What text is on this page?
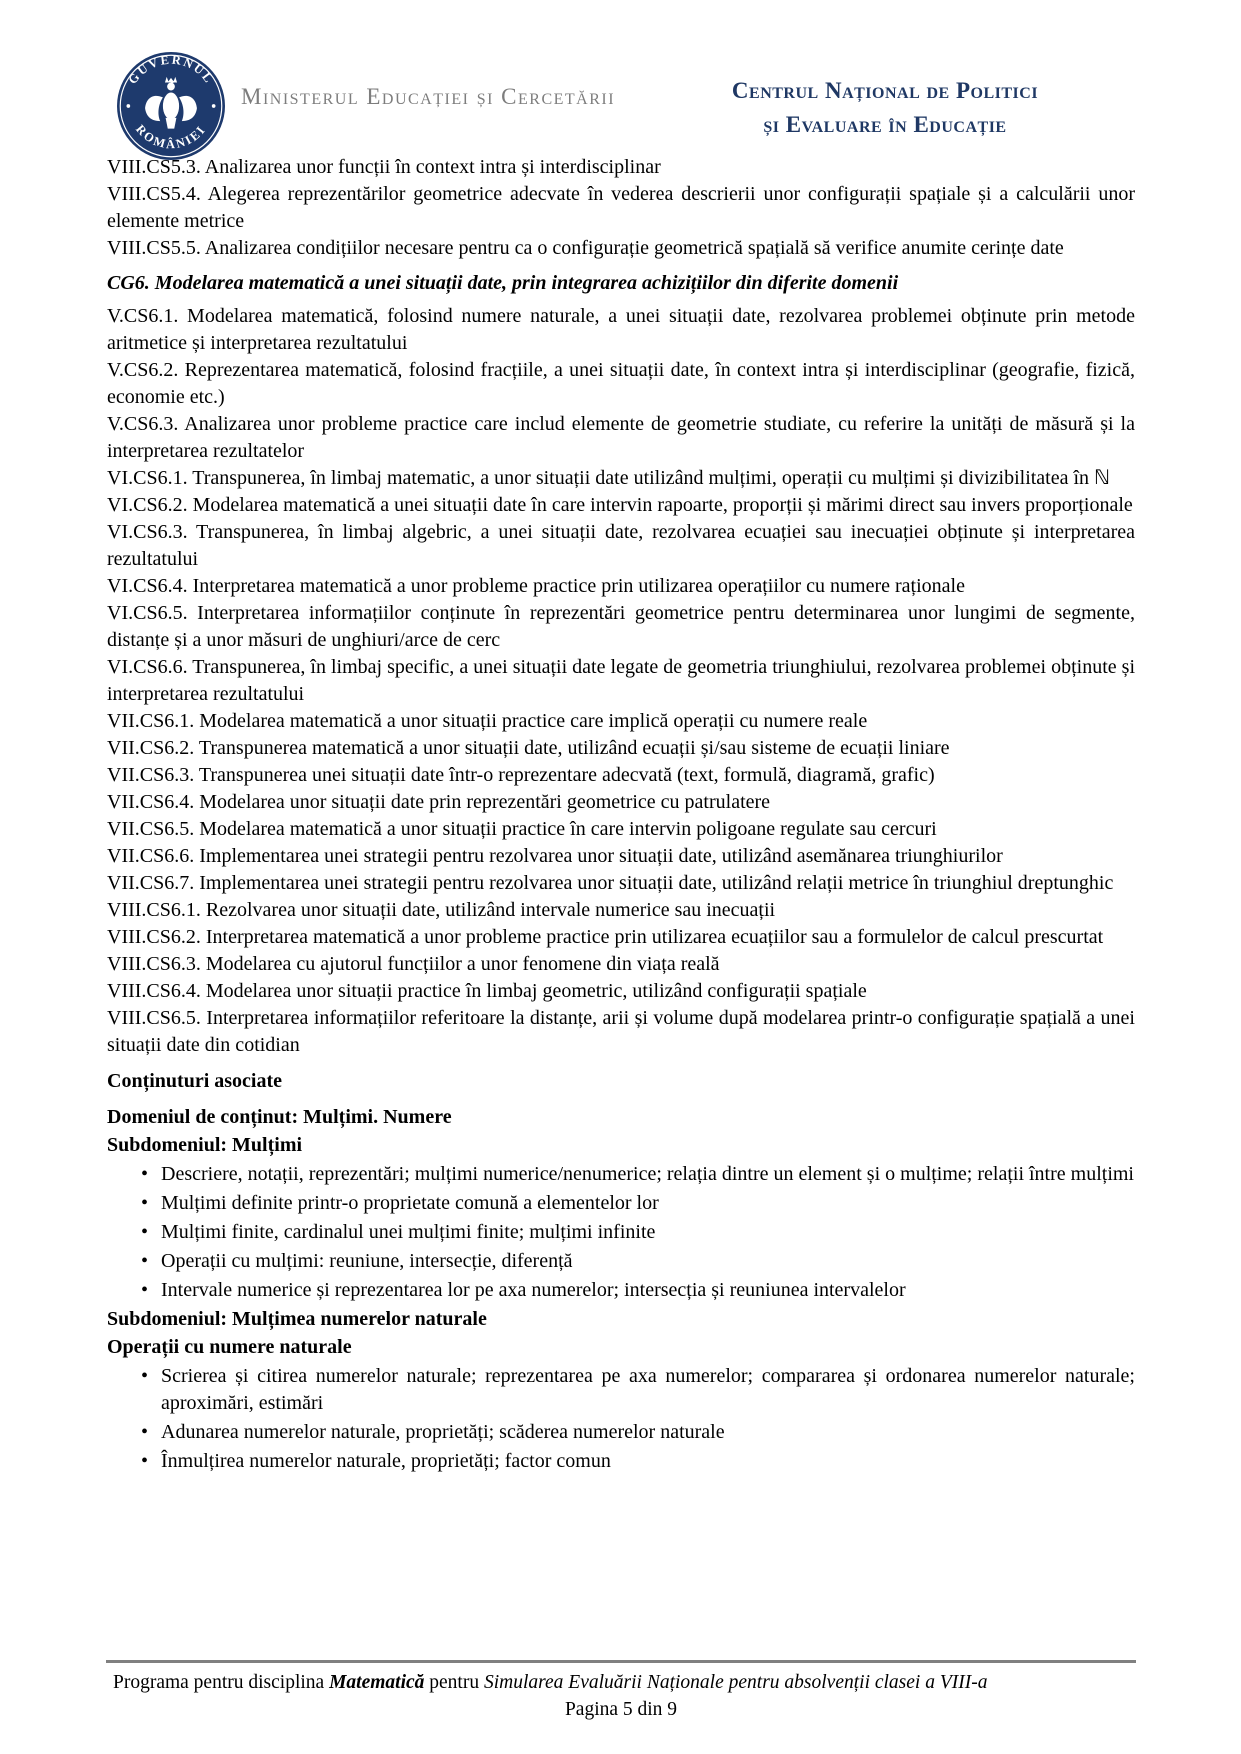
GUVERNUL
ROMÂNIEI
Ministerul Educației și Cercetării	Centrul Național de Politici
și Evaluare în Educație

VIII.CS5.3. Analizarea unor funcții în context intra și interdisciplinar

VIII.CS5.4. Alegerea reprezentărilor geometrice adecvate în vederea descrierii unor configurații spațiale și a calculării unor elemente metrice

VIII.CS5.5. Analizarea condițiilor necesare pentru ca o configurație geometrică spațială să verifice anumite cerințe date

CG6. Modelarea matematică a unei situații date, prin integrarea achizițiilor din diferite domenii

V.CS6.1. Modelarea matematică, folosind numere naturale, a unei situații date, rezolvarea problemei obținute prin metode aritmetice și interpretarea rezultatului

V.CS6.2. Reprezentarea matematică, folosind fracțiile, a unei situații date, în context intra și interdisciplinar (geografie, fizică, economie etc.)

V.CS6.3. Analizarea unor probleme practice care includ elemente de geometrie studiate, cu referire la unități de măsură și la interpretarea rezultatelor

VI.CS6.1. Transpunerea, în limbaj matematic, a unor situații date utilizând mulțimi, operații cu mulțimi și divizibilitatea în ℕ

VI.CS6.2. Modelarea matematică a unei situații date în care intervin rapoarte, proporții și mărimi direct sau invers proporționale

VI.CS6.3. Transpunerea, în limbaj algebric, a unei situații date, rezolvarea ecuației sau inecuației obținute și interpretarea rezultatului

VI.CS6.4. Interpretarea matematică a unor probleme practice prin utilizarea operațiilor cu numere raționale

VI.CS6.5. Interpretarea informațiilor conținute în reprezentări geometrice pentru determinarea unor lungimi de segmente, distanțe și a unor măsuri de unghiuri/arce de cerc

VI.CS6.6. Transpunerea, în limbaj specific, a unei situații date legate de geometria triunghiului, rezolvarea problemei obținute și interpretarea rezultatului

VII.CS6.1. Modelarea matematică a unor situații practice care implică operații cu numere reale

VII.CS6.2. Transpunerea matematică a unor situații date, utilizând ecuații și/sau sisteme de ecuații liniare

VII.CS6.3. Transpunerea unei situații date într-o reprezentare adecvată (text, formulă, diagramă, grafic)

VII.CS6.4. Modelarea unor situații date prin reprezentări geometrice cu patrulatere

VII.CS6.5. Modelarea matematică a unor situații practice în care intervin poligoane regulate sau cercuri

VII.CS6.6. Implementarea unei strategii pentru rezolvarea unor situații date, utilizând asemănarea triunghiurilor

VII.CS6.7. Implementarea unei strategii pentru rezolvarea unor situații date, utilizând relații metrice în triunghiul dreptunghic

VIII.CS6.1. Rezolvarea unor situații date, utilizând intervale numerice sau inecuații

VIII.CS6.2. Interpretarea matematică a unor probleme practice prin utilizarea ecuațiilor sau a formulelor de calcul prescurtat

VIII.CS6.3. Modelarea cu ajutorul funcțiilor a unor fenomene din viața reală

VIII.CS6.4. Modelarea unor situații practice în limbaj geometric, utilizând configurații spațiale

VIII.CS6.5. Interpretarea informațiilor referitoare la distanțe, arii și volume după modelarea printr-o configurație spațială a unei situații date din cotidian

Conținuturi asociate

Domeniul de conținut: Mulțimi. Numere

Subdomeniul: Mulțimi

• Descriere, notații, reprezentări; mulțimi numerice/nenumerice; relația dintre un element și o mulțime; relații între mulțimi
• Mulțimi definite printr-o proprietate comună a elementelor lor
• Mulțimi finite, cardinalul unei mulțimi finite; mulțimi infinite
• Operații cu mulțimi: reuniune, intersecție, diferență
• Intervale numerice și reprezentarea lor pe axa numerelor; intersecția și reuniunea intervalelor

Subdomeniul: Mulțimea numerelor naturale

Operații cu numere naturale

• Scrierea și citirea numerelor naturale; reprezentarea pe axa numerelor; compararea și ordonarea numerelor naturale; aproximări, estimări
• Adunarea numerelor naturale, proprietăți; scăderea numerelor naturale
• Înmulțirea numerelor naturale, proprietăți; factor comun
Programa pentru disciplina Matematică pentru Simularea Evaluării Naționale pentru absolvenții clasei a VIII-a
Pagina 5 din 9
